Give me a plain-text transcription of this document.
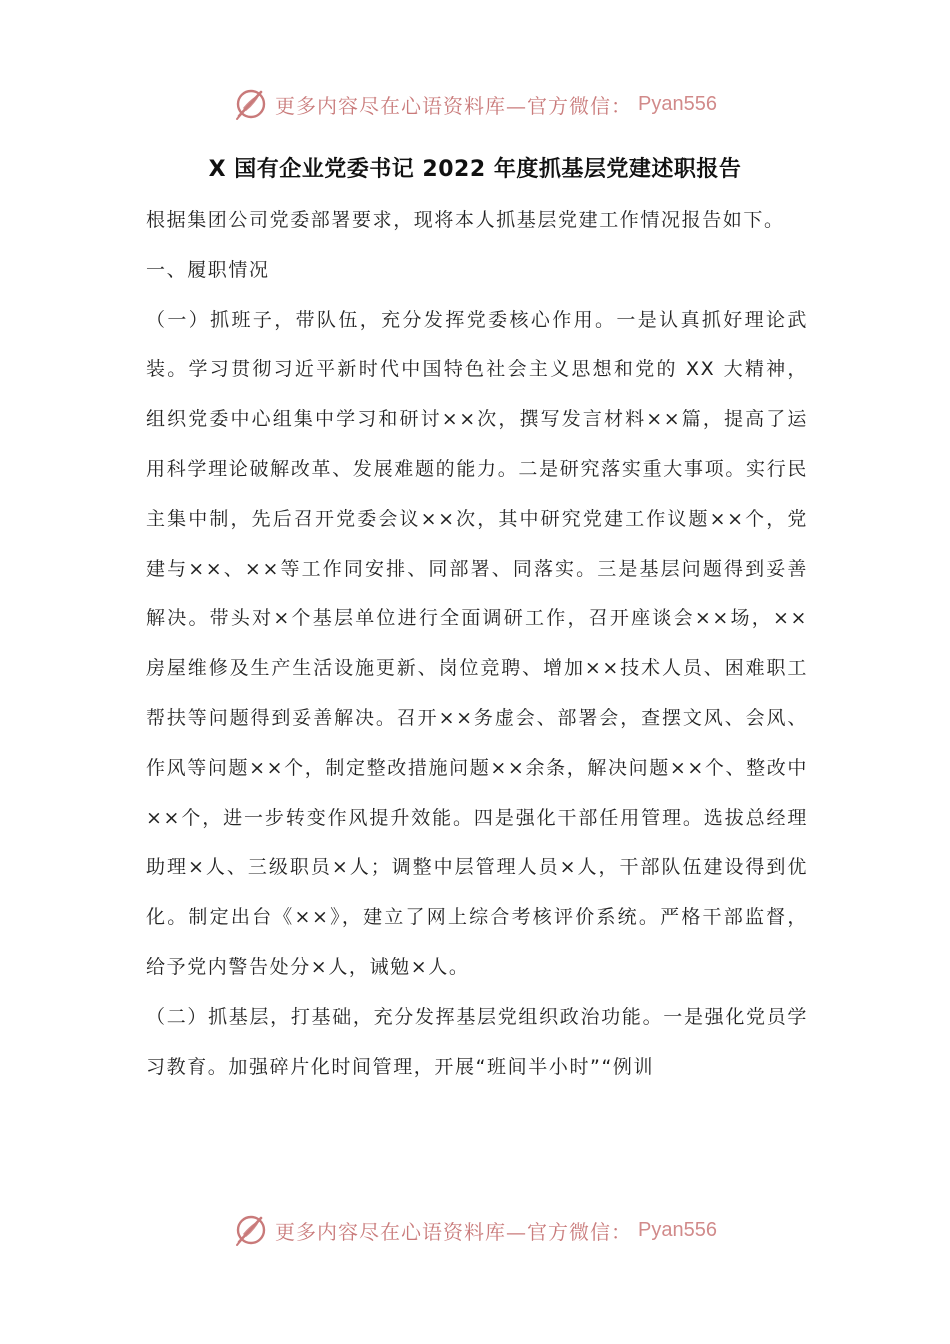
更多内容尽在心语资料库—官方微信： Pyan556
X 国有企业党委书记 2022 年度抓基层党建述职报告

根据集团公司党委部署要求，现将本人抓基层党建工作情况报告如下。

一、履职情况

（一）抓班子，带队伍，充分发挥党委核心作用。一是认真抓好理论武装。学习贯彻习近平新时代中国特色社会主义思想和党的 XX 大精神，组织党委中心组集中学习和研讨××次，撰写发言材料××篇，提高了运用科学理论破解改革、发展难题的能力。二是研究落实重大事项。实行民主集中制，先后召开党委会议××次，其中研究党建工作议题××个，党建与××、××等工作同安排、同部署、同落实。三是基层问题得到妥善解决。带头对×个基层单位进行全面调研工作，召开座谈会××场，××房屋维修及生产生活设施更新、岗位竞聘、增加××技术人员、困难职工帮扶等问题得到妥善解决。召开××务虚会、部署会，查摆文风、会风、作风等问题××个，制定整改措施问题××余条，解决问题××个、整改中××个，进一步转变作风提升效能。四是强化干部任用管理。选拔总经理助理×人、三级职员×人；调整中层管理人员×人，干部队伍建设得到优化。制定出台《××》，建立了网上综合考核评价系统。严格干部监督，给予党内警告处分×人，诫勉×人。

（二）抓基层，打基础，充分发挥基层党组织政治功能。一是强化党员学习教育。加强碎片化时间管理，开展“班间半小时”“例训

更多内容尽在心语资料库—官方微信： Pyan556
